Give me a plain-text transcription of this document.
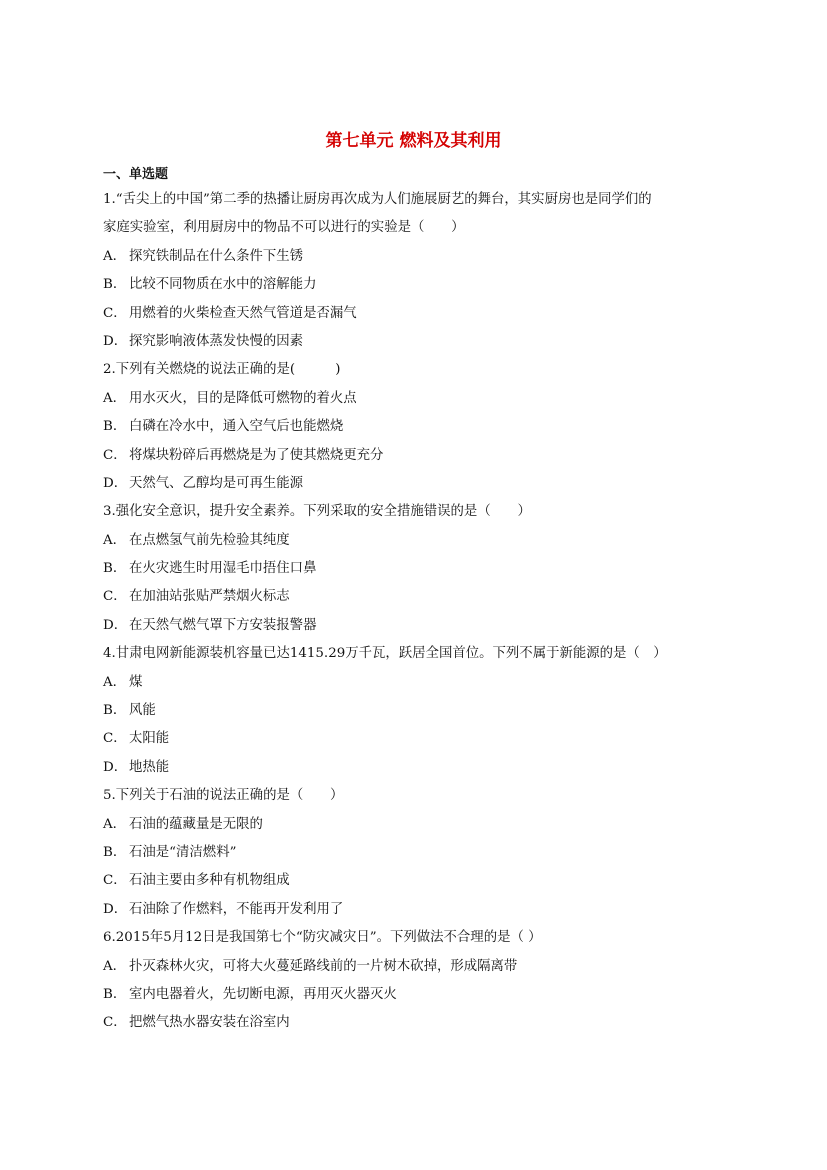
第七单元 燃料及其利用
一、单选题
1.“舌尖上的中国”第二季的热播让厨房再次成为人们施展厨艺的舞台，其实厨房也是同学们的
家庭实验室，利用厨房中的物品不可以进行的实验是（　　）
A． 探究铁制品在什么条件下生锈
B． 比较不同物质在水中的溶解能力
C． 用燃着的火柴检查天然气管道是否漏气
D． 探究影响液体蒸发快慢的因素
2.下列有关燃烧的说法正确的是(　　　)
A． 用水灭火，目的是降低可燃物的着火点
B． 白磷在冷水中，通入空气后也能燃烧
C． 将煤块粉碎后再燃烧是为了使其燃烧更充分
D． 天然气、乙醇均是可再生能源
3.强化安全意识，提升安全素养。下列采取的安全措施错误的是（　　）
A． 在点燃氢气前先检验其纯度
B． 在火灾逃生时用湿毛巾捂住口鼻
C． 在加油站张贴严禁烟火标志
D． 在天然气燃气罩下方安装报警器
4.甘肃电网新能源装机容量已达1415.29万千瓦，跃居全国首位。下列不属于新能源的是（　）
A． 煤
B． 风能
C． 太阳能
D． 地热能
5.下列关于石油的说法正确的是（　　）
A． 石油的蕴藏量是无限的
B． 石油是“清洁燃料”
C． 石油主要由多种有机物组成
D． 石油除了作燃料，不能再开发利用了
6.2015年5月12日是我国第七个“防灾减灾日”。下列做法不合理的是（ ）
A． 扑灭森林火灾，可将大火蔓延路线前的一片树木砍掉，形成隔离带
B． 室内电器着火，先切断电源，再用灭火器灭火
C． 把燃气热水器安装在浴室内
